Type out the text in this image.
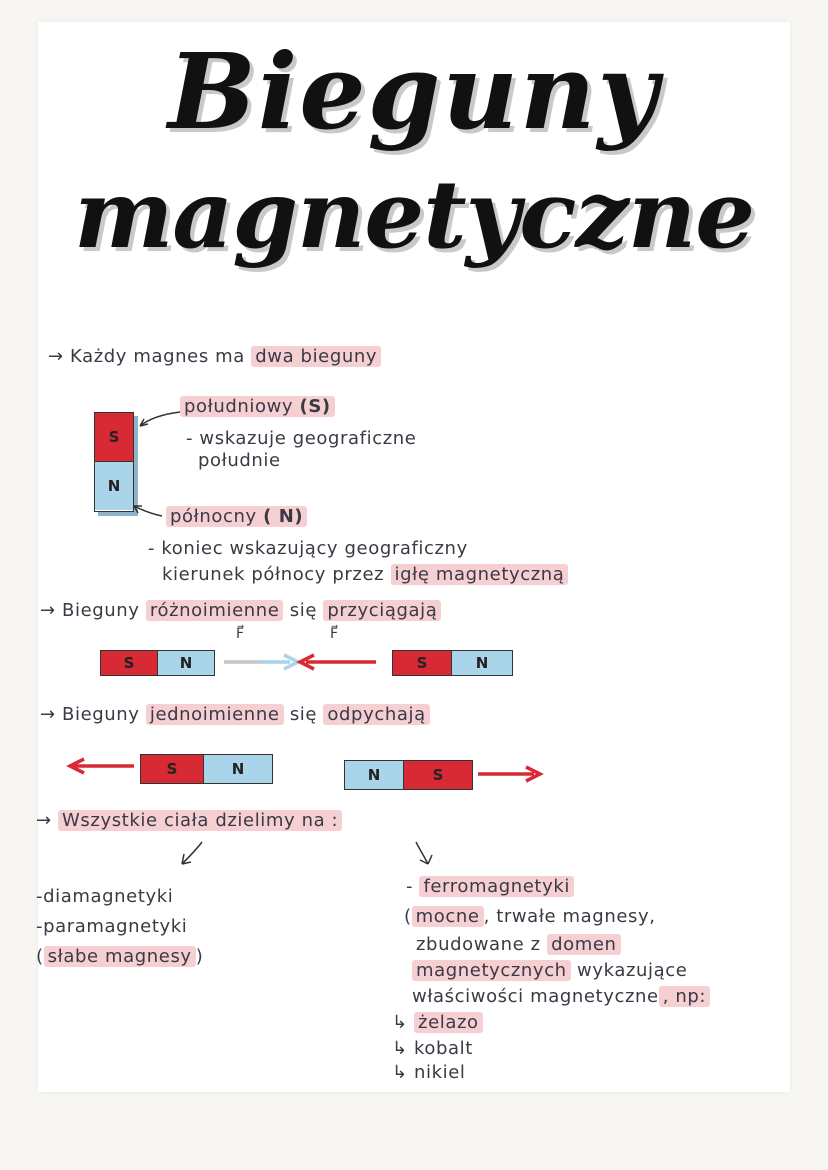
Bieguny
magnetyczne
→ Każdy magnes ma dwa bieguny
S
N
południowy (S)
- wskazuje geograficzne
południe
północny ( N)
- koniec wskazujący geograficzny
kierunek północy przez igłę magnetyczną
→ Bieguny różnoimienne się przyciągają
F⃗	F⃗
S	N	S	N
→ Bieguny jednoimienne się odpychają
S	N	N	S
→ Wszystkie ciała dzielimy na :
-diamagnetyki
-paramagnetyki
( słabe magnesy )
- ferromagnetyki
( mocne , trwałe magnesy,
zbudowane z domen
magnetycznych wykazujące
właściwości magnetyczne , np:
↳ żelazo
↳ kobalt
↳ nikiel
